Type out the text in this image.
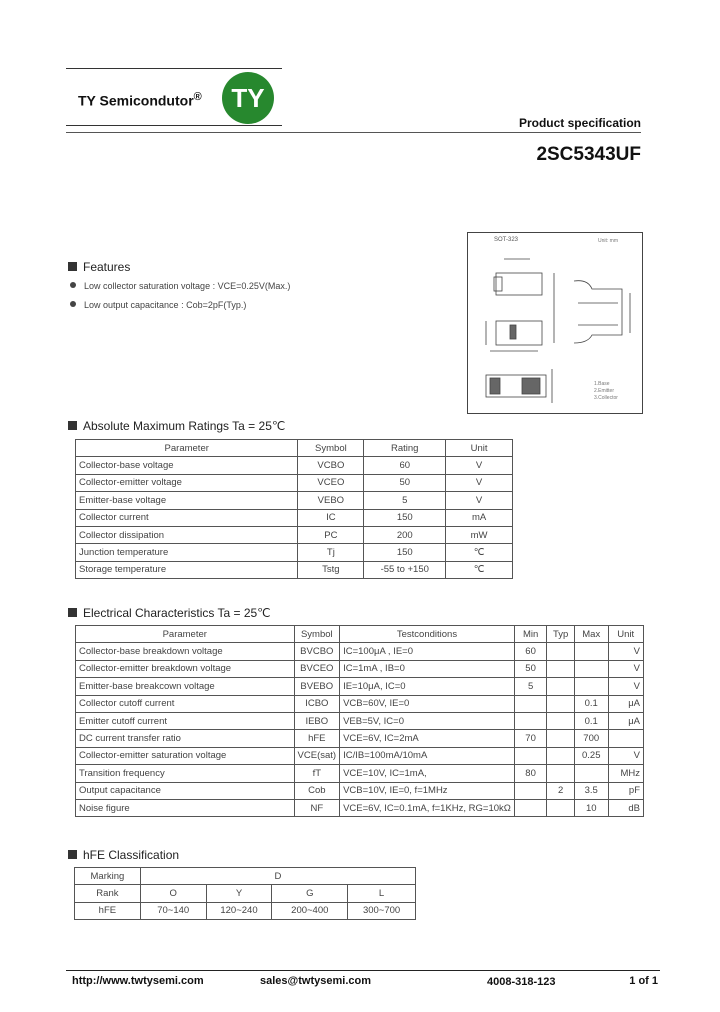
TY Semicondutor®	TY
Product specification
2SC5343UF
SOT-323	Unit: mm
1.Base
2.Emitter
3.Collector
Features
Low collector saturation voltage : VCE=0.25V(Max.)
Low output capacitance : Cob=2pF(Typ.)
Absolute Maximum Ratings Ta = 25℃
Parameter	Symbol	Rating	Unit
Collector-base voltage	VCBO	60	V
Collector-emitter voltage	VCEO	50	V
Emitter-base voltage	VEBO	5	V
Collector current	IC	150	mA
Collector dissipation	PC	200	mW
Junction temperature	Tj	150	℃
Storage temperature	Tstg	-55 to +150	℃
Electrical Characteristics Ta = 25℃
Parameter	Symbol	Testconditions	Min	Typ	Max	Unit
Collector-base breakdown voltage	BVCBO	IC=100μA , IE=0	60			V
Collector-emitter breakdown voltage	BVCEO	IC=1mA , IB=0	50			V
Emitter-base breakcown voltage	BVEBO	IE=10μA, IC=0	5			V
Collector cutoff current	ICBO	VCB=60V, IE=0			0.1	μA
Emitter cutoff current	IEBO	VEB=5V, IC=0			0.1	μA
DC current transfer ratio	hFE	VCE=6V, IC=2mA	70		700	
Collector-emitter saturation voltage	VCE(sat)	IC/IB=100mA/10mA			0.25	V
Transition frequency	fT	VCE=10V, IC=1mA,	80			MHz
Output capacitance	Cob	VCB=10V, IE=0, f=1MHz		2	3.5	pF
Noise figure	NF	VCE=6V, IC=0.1mA, f=1KHz, RG=10kΩ			10	dB
hFE Classification
Marking	D			
Rank	O	Y	G	L
hFE	70~140	120~240	200~400	300~700
http://www.twtysemi.com	sales@twtysemi.com	4008-318-123	1 of 1
